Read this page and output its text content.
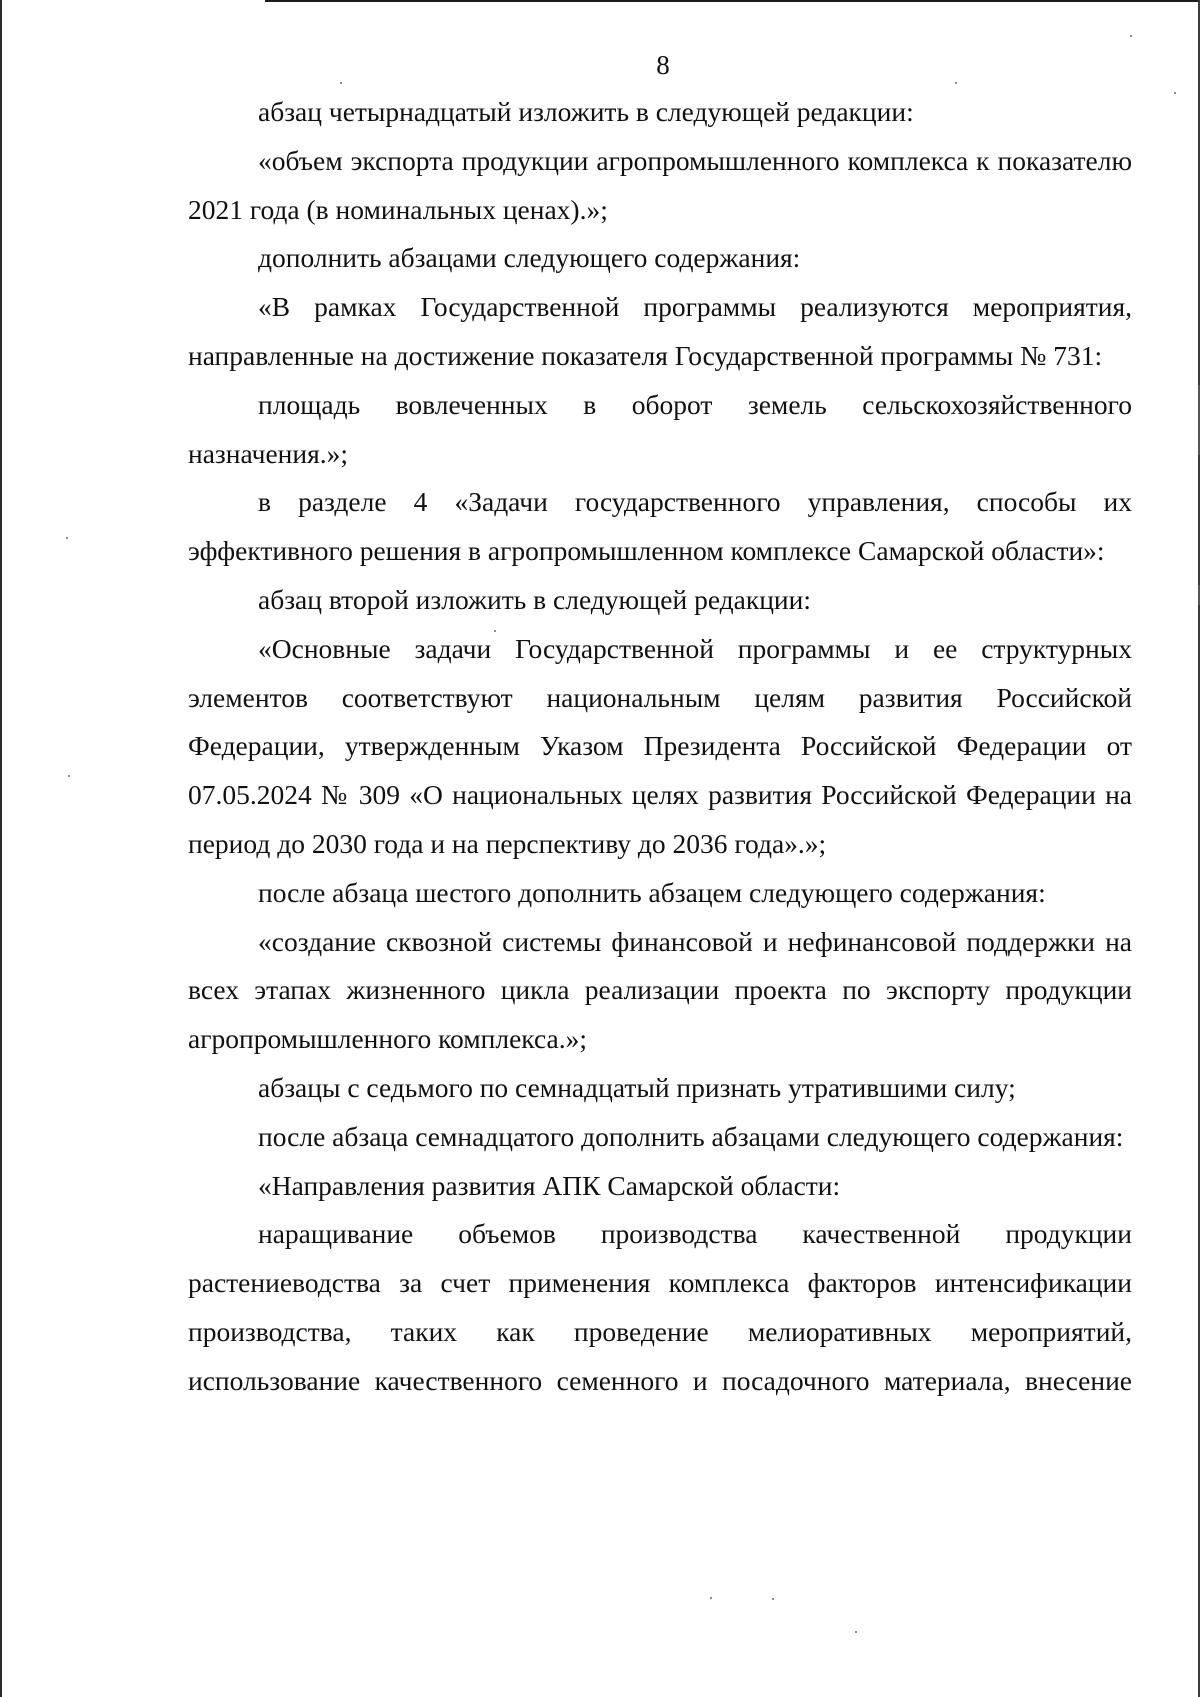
8

абзац четырнадцатый изложить в следующей редакции:

«объем экспорта продукции агропромышленного комплекса к показателю 2021 года (в номинальных ценах).»;

дополнить абзацами следующего содержания:

«В рамках Государственной программы реализуются мероприятия, направленные на достижение показателя Государственной программы № 731:

площадь вовлеченных в оборот земель сельскохозяйственного назначения.»;

в разделе 4 «Задачи государственного управления, способы их эффективного решения в агропромышленном комплексе Самарской области»:

абзац второй изложить в следующей редакции:

«Основные задачи Государственной программы и ее структурных элементов соответствуют национальным целям развития Российской Федерации, утвержденным Указом Президента Российской Федерации от 07.05.2024 № 309 «О национальных целях развития Российской Федерации на период до 2030 года и на перспективу до 2036 года».»;

после абзаца шестого дополнить абзацем следующего содержания:

«создание сквозной системы финансовой и нефинансовой поддержки на всех этапах жизненного цикла реализации проекта по экспорту продукции агропромышленного комплекса.»;

абзацы с седьмого по семнадцатый признать утратившими силу;

после абзаца семнадцатого дополнить абзацами следующего содержания:

«Направления развития АПК Самарской области:

наращивание объемов производства качественной продукции растениеводства за счет применения комплекса факторов интенсификации производства, таких как проведение мелиоративных мероприятий, использование качественного семенного и посадочного материала, внесение
